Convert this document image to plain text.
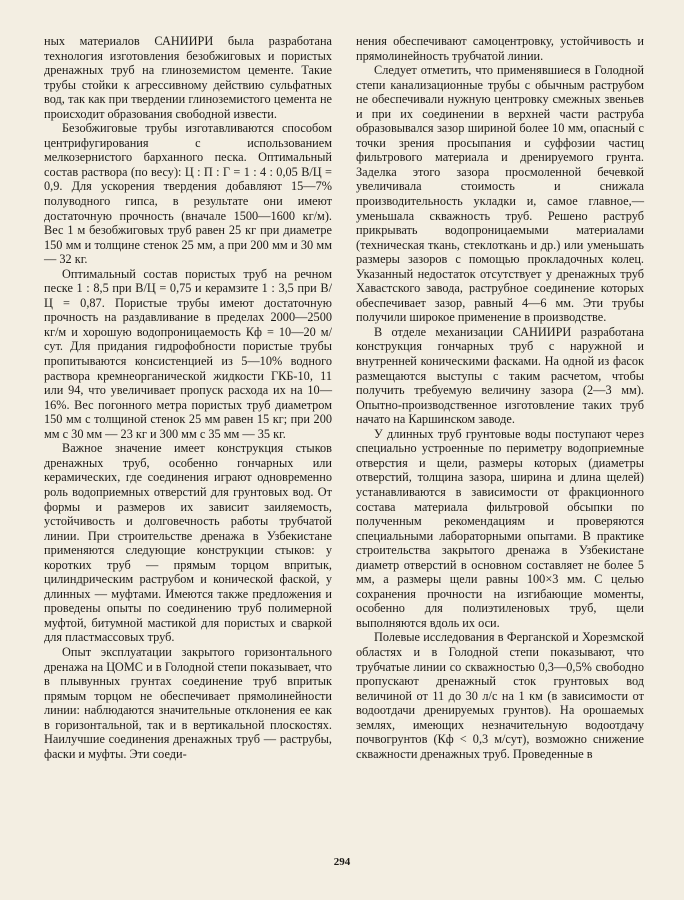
ных материалов САНИИРИ была разработана технология изготовления безобжиговых и пористых дренажных труб на глиноземистом цементе. Такие трубы стойки к агрессивному действию сульфатных вод, так как при твердении глиноземистого цемента не происходит образования свободной извести.

Безобжиговые трубы изготавливаются способом центрифугирования с использованием мелкозернистого барханного песка. Оптимальный состав раствора (по весу): Ц : П : Г = 1 : 4 : 0,05 В/Ц = 0,9. Для ускорения твердения добавляют 15—7% полуводного гипса, в результате они имеют достаточную прочность (вначале 1500—1600 кг/м). Вес 1 м безобжиговых труб равен 25 кг при диаметре 150 мм и толщине стенок 25 мм, а при 200 мм и 30 мм — 32 кг.

Оптимальный состав пористых труб на речном песке 1 : 8,5 при В/Ц = 0,75 и керамзите 1 : 3,5 при В/Ц = 0,87. Пористые трубы имеют достаточную прочность на раздавливание в пределах 2000—2500 кг/м и хорошую водопроницаемость Кф = 10—20 м/сут. Для придания гидрофобности пористые трубы пропитываются консистенцией из 5—10% водного раствора кремнеорганической жидкости ГКБ-10, 11 или 94, что увеличивает пропуск расхода их на 10—16%. Вес погонного метра пористых труб диаметром 150 мм с толщиной стенок 25 мм равен 15 кг; при 200 мм с 30 мм — 23 кг и 300 мм с 35 мм — 35 кг.

Важное значение имеет конструкция стыков дренажных труб, особенно гончарных или керамических, где соединения играют одновременно роль водоприемных отверстий для грунтовых вод. От формы и размеров их зависит заиляемость, устойчивость и долговечность работы трубчатой линии. При строительстве дренажа в Узбекистане применяются следующие конструкции стыков: у коротких труб — прямым торцом впритык, цилиндрическим раструбом и конической фаской, у длинных — муфтами. Имеются также предложения и проведены опыты по соединению труб полимерной муфтой, битумной мастикой для пористых и сваркой для пластмассовых труб.

Опыт эксплуатации закрытого горизонтального дренажа на ЦОМС и в Голодной степи показывает, что в плывунных грунтах соединение труб впритык прямым торцом не обеспечивает прямолинейности линии: наблюдаются значительные отклонения ее как в горизонтальной, так и в вертикальной плоскостях. Наилучшие соединения дренажных труб — раструбы, фаски и муфты. Эти соеди-

нения обеспечивают самоцентровку, устойчивость и прямолинейность трубчатой линии.

Следует отметить, что применявшиеся в Голодной степи канализационные трубы с обычным раструбом не обеспечивали нужную центровку смежных звеньев и при их соединении в верхней части раструба образовывался зазор шириной более 10 мм, опасный с точки зрения просыпания и суффозии частиц фильтрового материала и дренируемого грунта. Заделка этого зазора просмоленной бечевкой увеличивала стоимость и снижала производительность укладки и, самое главное,— уменьшала скважность труб. Решено раструб прикрывать водопроницаемыми материалами (техническая ткань, стеклоткань и др.) или уменьшать размеры зазоров с помощью прокладочных колец. Указанный недостаток отсутствует у дренажных труб Хавастского завода, раструбное соединение которых обеспечивает зазор, равный 4—6 мм. Эти трубы получили широкое применение в производстве.

В отделе механизации САНИИРИ разработана конструкция гончарных труб с наружной и внутренней коническими фасками. На одной из фасок размещаются выступы с таким расчетом, чтобы получить требуемую величину зазора (2—3 мм). Опытно-производственное изготовление таких труб начато на Каршинском заводе.

У длинных труб грунтовые воды поступают через специально устроенные по периметру водоприемные отверстия и щели, размеры которых (диаметры отверстий, толщина зазора, ширина и длина щелей) устанавливаются в зависимости от фракционного состава материала фильтровой обсыпки по полученным рекомендациям и проверяются специальными лабораторными опытами. В практике строительства закрытого дренажа в Узбекистане диаметр отверстий в основном составляет не более 5 мм, а размеры щели равны 100×3 мм. С целью сохранения прочности на изгибающие моменты, особенно для полиэтиленовых труб, щели выполняются вдоль их оси.

Полевые исследования в Ферганской и Хорезмской областях и в Голодной степи показывают, что трубчатые линии со скважностью 0,3—0,5% свободно пропускают дренажный сток грунтовых вод величиной от 11 до 30 л/с на 1 км (в зависимости от водоотдачи дренируемых грунтов). На орошаемых землях, имеющих незначительную водоотдачу почвогрунтов (Кф < 0,3 м/сут), возможно снижение скважности дренажных труб. Проведенные в

294
